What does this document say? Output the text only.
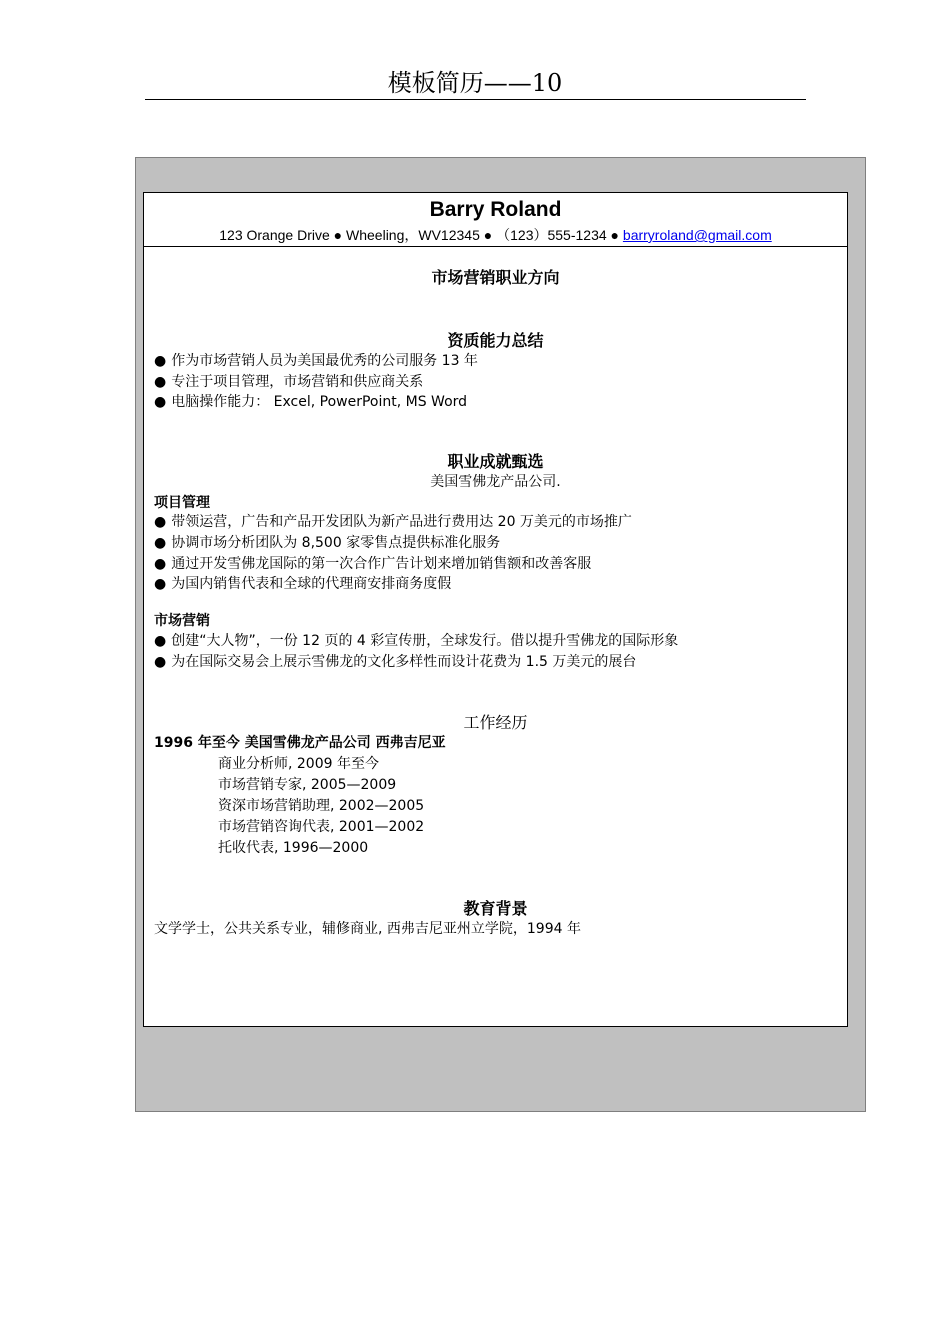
模板简历——10
Barry Roland
123 Orange Drive ● Wheeling，WV12345 ● （123）555-1234 ● barryroland@gmail.com
市场营销职业方向
资质能力总结
● 作为市场营销人员为美国最优秀的公司服务 13 年
● 专注于项目管理，市场营销和供应商关系
● 电脑操作能力： Excel, PowerPoint, MS Word
职业成就甄选
美国雪佛龙产品公司.
项目管理
● 带领运营，广告和产品开发团队为新产品进行费用达 20 万美元的市场推广
● 协调市场分析团队为 8,500 家零售点提供标准化服务
● 通过开发雪佛龙国际的第一次合作广告计划来增加销售额和改善客服
● 为国内销售代表和全球的代理商安排商务度假
市场营销
● 创建“大人物”，一份 12 页的 4 彩宣传册，全球发行。借以提升雪佛龙的国际形象
● 为在国际交易会上展示雪佛龙的文化多样性而设计花费为 1.5 万美元的展台
工作经历
1996 年至今 美国雪佛龙产品公司 西弗吉尼亚
商业分析师, 2009 年至今
市场营销专家, 2005—2009
资深市场营销助理, 2002—2005
市场营销咨询代表, 2001—2002
托收代表, 1996—2000
教育背景
文学学士，公共关系专业，辅修商业, 西弗吉尼亚州立学院，1994 年
